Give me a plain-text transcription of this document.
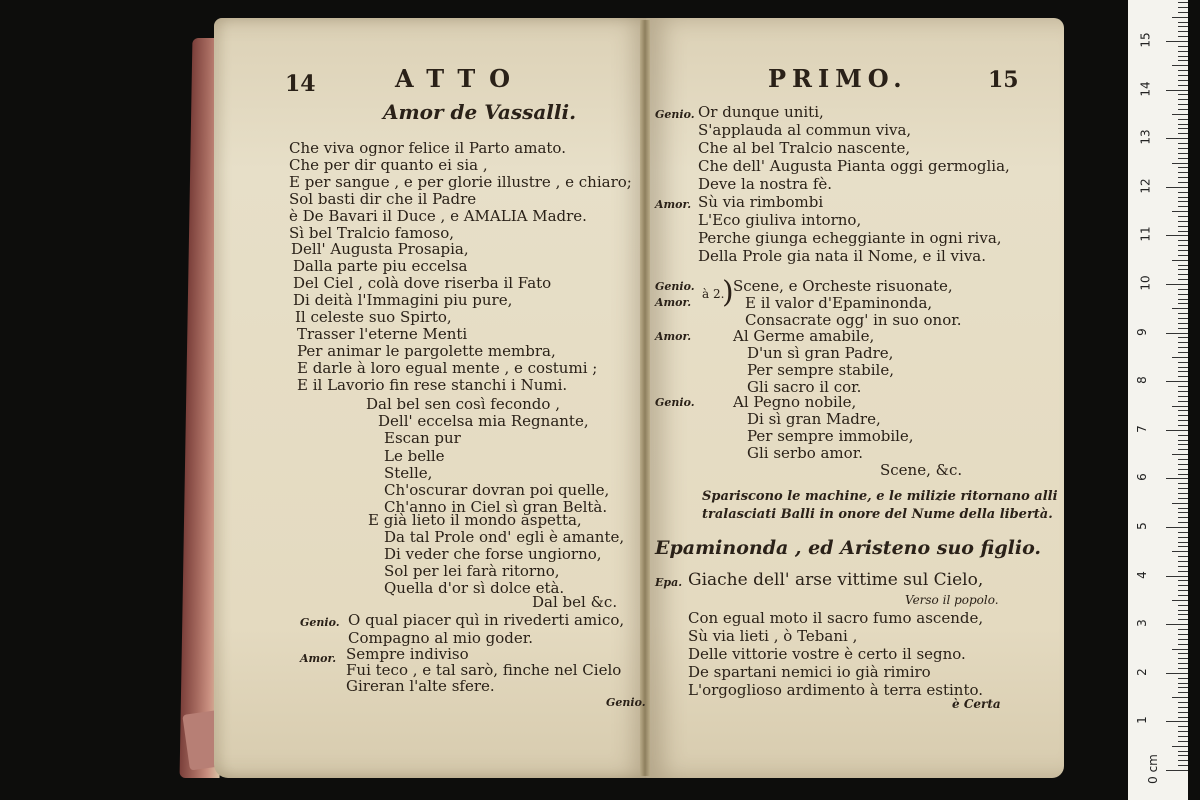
14	ATTO
Amor de Vassalli.
Che viva ognor felice il Parto amato.
Che per dir quanto ei sia ,
E per sangue , e per glorie illustre , e chiaro;
Sol basti dir che il Padre
è De Bavari il Duce , e AMALIA Madre.
Sì bel Tralcio famoso,
Dell' Augusta Prosapia,
Dalla parte piu eccelsa
Del Ciel , colà dove riserba il Fato
Di deità l'Immagini piu pure,
Il celeste suo Spirto,
Trasser l'eterne Menti
Per animar le pargolette membra,
E darle à loro egual mente , e costumi ;
E il Lavorio fin rese stanchi i Numi.
Dal bel sen così fecondo ,
Dell' eccelsa mia Regnante,
Escan pur
Le belle
Stelle,
Ch'oscurar dovran poi quelle,
Ch'anno in Ciel sì gran Beltà.
E già lieto il mondo aspetta,
Da tal Prole ond' egli è amante,
Di veder che forse ungiorno,
Sol per lei farà ritorno,
Quella d'or sì dolce età.
Dal bel &c.
Genio. O qual piacer quì in rivederti amico,
Compagno al mio goder.
Amor. Sempre indiviso
Fui teco , e tal sarò, finche nel Cielo
Gireran l'alte sfere.
Genio.
PRIMO.	15
Genio. Or dunque uniti,
S'applauda al commun viva,
Che al bel Tralcio nascente,
Che dell' Augusta Pianta oggi germoglia,
Deve la nostra fè.
Amor. Sù via rimbombi
L'Eco giuliva intorno,
Perche giunga echeggiante in ogni riva,
Della Prole gia nata il Nome, e il viva.
Genio.
Amor.
à 2.
) Scene, e Orcheste risuonate,
E il valor d'Epaminonda,
Consacrate ogg' in suo onor.
Amor.	Al Germe amabile,
D'un sì gran Padre,
Per sempre stabile,
Gli sacro il cor.
Genio.	Al Pegno nobile,
Di sì gran Madre,
Per sempre immobile,
Gli serbo amor.
Scene, &c.
Spariscono le machine, e le milizie ritornano alli
tralasciati Balli in onore del Nume della libertà.
Epaminonda , ed Aristeno suo figlio.
Epa. Giache dell' arse vittime sul Cielo,
Verso il popolo.
Con egual moto il sacro fumo ascende,
Sù via lieti , ò Tebani ,
Delle vittorie vostre è certo il segno.
De spartani nemici io già rimiro
L'orgoglioso ardimento à terra estinto.
è Certa
0 cm
1
2
3
4
5
6
7
8
9
10
11
12
13
14
15
